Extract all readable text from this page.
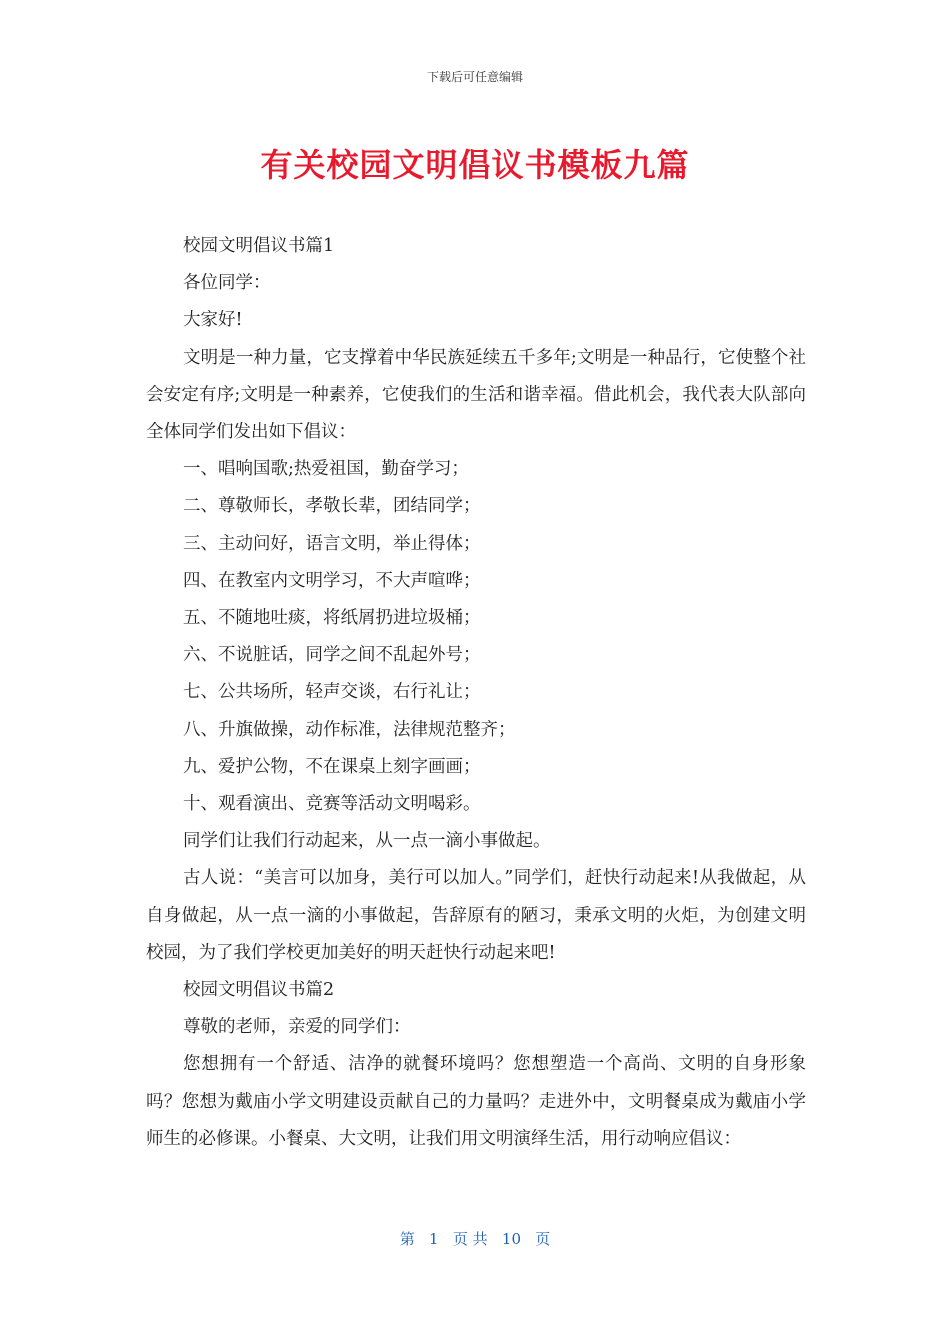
下载后可任意编辑
有关校园文明倡议书模板九篇

校园文明倡议书篇1

各位同学：

大家好!

文明是一种力量，它支撑着中华民族延续五千多年;文明是一种品行，它使整个社会安定有序;文明是一种素养，它使我们的生活和谐幸福。借此机会，我代表大队部向全体同学们发出如下倡议：

一、唱响国歌;热爱祖国，勤奋学习；

二、尊敬师长，孝敬长辈，团结同学；

三、主动问好，语言文明，举止得体；

四、在教室内文明学习，不大声喧哗；

五、不随地吐痰，将纸屑扔进垃圾桶；

六、不说脏话，同学之间不乱起外号；

七、公共场所，轻声交谈，右行礼让；

八、升旗做操，动作标准，法律规范整齐；

九、爱护公物，不在课桌上刻字画画；

十、观看演出、竞赛等活动文明喝彩。

同学们让我们行动起来，从一点一滴小事做起。

古人说：“美言可以加身，美行可以加人。”同学们，赶快行动起来!从我做起，从自身做起，从一点一滴的小事做起，告辞原有的陋习，秉承文明的火炬，为创建文明校园，为了我们学校更加美好的明天赶快行动起来吧!

校园文明倡议书篇2

尊敬的老师，亲爱的同学们：

您想拥有一个舒适、洁净的就餐环境吗？您想塑造一个高尚、文明的自身形象吗？您想为戴庙小学文明建设贡献自己的力量吗？走进外中，文明餐桌成为戴庙小学师生的必修课。小餐桌、大文明，让我们用文明演绎生活，用行动响应倡议：

第   1   页 共   10   页
